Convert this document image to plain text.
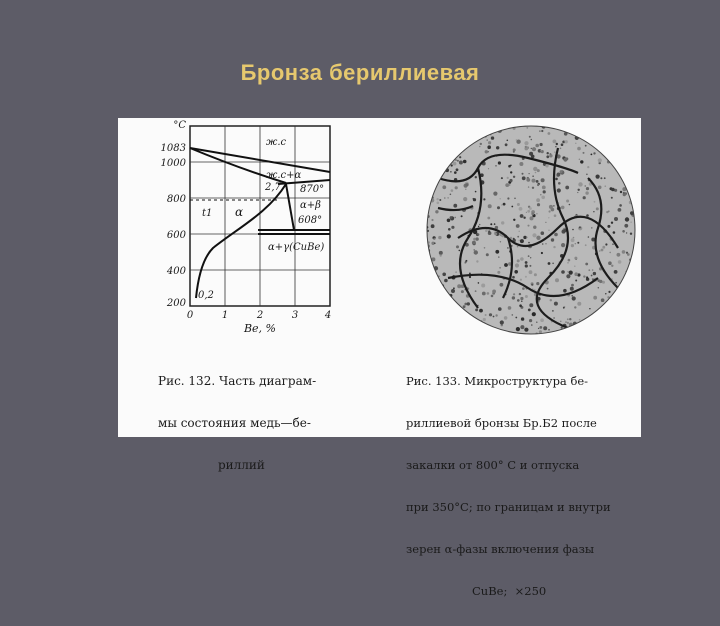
Бронза бериллиевая
°C
1083
1000
800
600
400
200
0	1	2	3	4
Be, %
ж.с
ж.с+α
α	α+β
α+γ(CuBe)
870°
2,7
608°
0,2
t1

Рис. 132. Часть диаграм-

мы состояния медь—бе-

риллий

Рис. 133. Микроструктура бе-

риллиевой бронзы Бр.Б2 после

закалки от 800° С и отпуска

при 350°С; по границам и внутри

зерен α-фазы включения фазы

CuBe;  ×250
